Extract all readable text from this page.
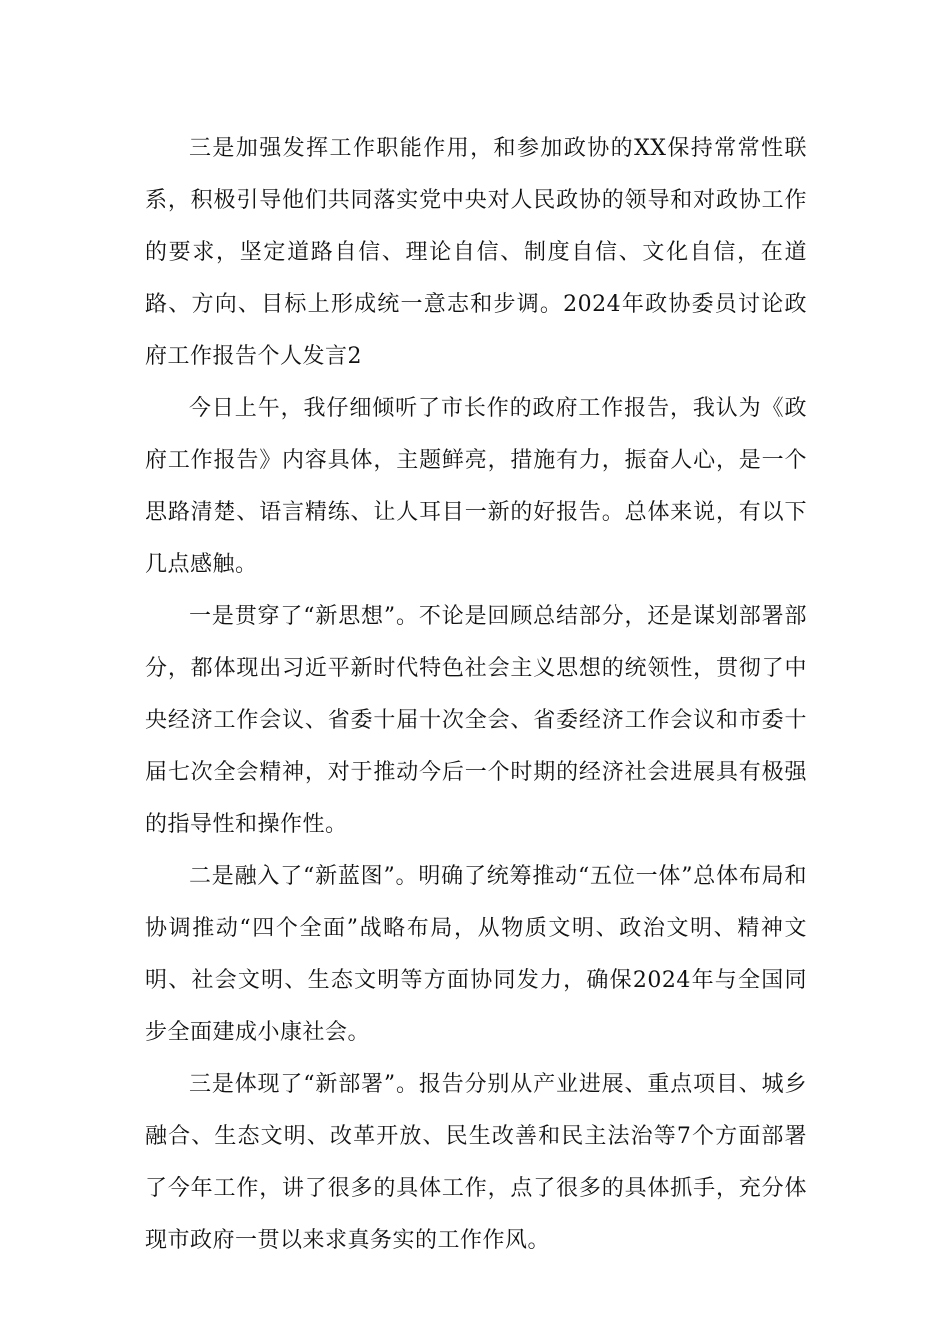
三是加强发挥工作职能作用，和参加政协的XX保持常常性联系，积极引导他们共同落实党中央对人民政协的领导和对政协工作的要求，坚定道路自信、理论自信、制度自信、文化自信，在道路、方向、目标上形成统一意志和步调。2024年政协委员讨论政府工作报告个人发言2

今日上午，我仔细倾听了市长作的政府工作报告，我认为《政府工作报告》内容具体，主题鲜亮，措施有力，振奋人心，是一个思路清楚、语言精练、让人耳目一新的好报告。总体来说，有以下几点感触。

一是贯穿了“新思想”。不论是回顾总结部分，还是谋划部署部分，都体现出习近平新时代特色社会主义思想的统领性，贯彻了中央经济工作会议、省委十届十次全会、省委经济工作会议和市委十届七次全会精神，对于推动今后一个时期的经济社会进展具有极强的指导性和操作性。

二是融入了“新蓝图”。明确了统筹推动“五位一体”总体布局和协调推动“四个全面”战略布局，从物质文明、政治文明、精神文明、社会文明、生态文明等方面协同发力，确保2024年与全国同步全面建成小康社会。

三是体现了“新部署”。报告分别从产业进展、重点项目、城乡融合、生态文明、改革开放、民生改善和民主法治等7个方面部署了今年工作，讲了很多的具体工作，点了很多的具体抓手，充分体现市政府一贯以来求真务实的工作作风。
